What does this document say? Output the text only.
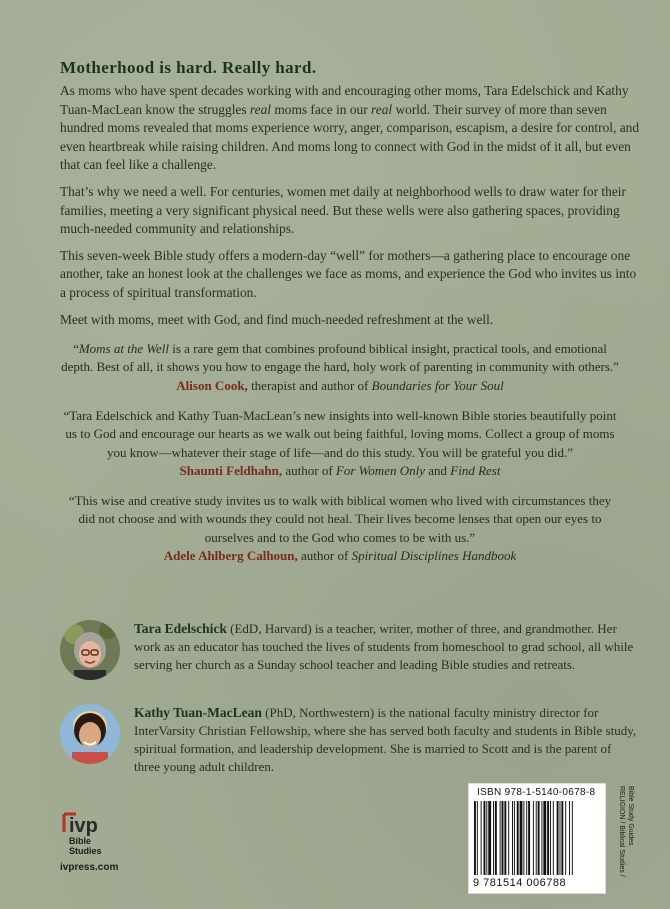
Motherhood is hard. Really hard.

As moms who have spent decades working with and encouraging other moms, Tara Edelschick and Kathy Tuan-MacLean know the struggles real moms face in our real world. Their survey of more than seven hundred moms revealed that moms experience worry, anger, comparison, escapism, a desire for control, and even heartbreak while raising children. And moms long to connect with God in the midst of it all, but even that can feel like a challenge.

That’s why we need a well. For centuries, women met daily at neighborhood wells to draw water for their families, meeting a very significant physical need. But these wells were also gathering spaces, providing much-needed community and relationships.

This seven-week Bible study offers a modern-day “well” for mothers—a gathering place to encourage one another, take an honest look at the challenges we face as moms, and experience the God who invites us into a process of spiritual transformation.

Meet with moms, meet with God, and find much-needed refreshment at the well.

“Moms at the Well is a rare gem that combines profound biblical insight, practical tools, and emotional depth. Best of all, it shows you how to engage the hard, holy work of parenting in community with others.”
Alison Cook, therapist and author of Boundaries for Your Soul
“Tara Edelschick and Kathy Tuan-MacLean’s new insights into well-known Bible stories beautifully point us to God and encourage our hearts as we walk out being faithful, loving moms. Collect a group of moms you know—whatever their stage of life—and do this study. You will be grateful you did.”
Shaunti Feldhahn, author of For Women Only and Find Rest
“This wise and creative study invites us to walk with biblical women who lived with circumstances they did not choose and with wounds they could not heal. Their lives become lenses that open our eyes to ourselves and to the God who comes to be with us.”
Adele Ahlberg Calhoun, author of Spiritual Disciplines Handbook
Tara Edelschick (EdD, Harvard) is a teacher, writer, mother of three, and grandmother. Her work as an educator has touched the lives of students from homeschool to grad school, all while serving her church as a Sunday school teacher and leading Bible studies and retreats.
Kathy Tuan-MacLean (PhD, Northwestern) is the national faculty ministry director for InterVarsity Christian Fellowship, where she has served both faculty and students in Bible study, spiritual formation, and leadership development. She is married to Scott and is the parent of three young adult children.
ivp
Bible
Studies
ivpress.com
ISBN 978-1-5140-0678-8
9 781514 006788
RELIGION / Biblical Studies / Bible Study Guides
